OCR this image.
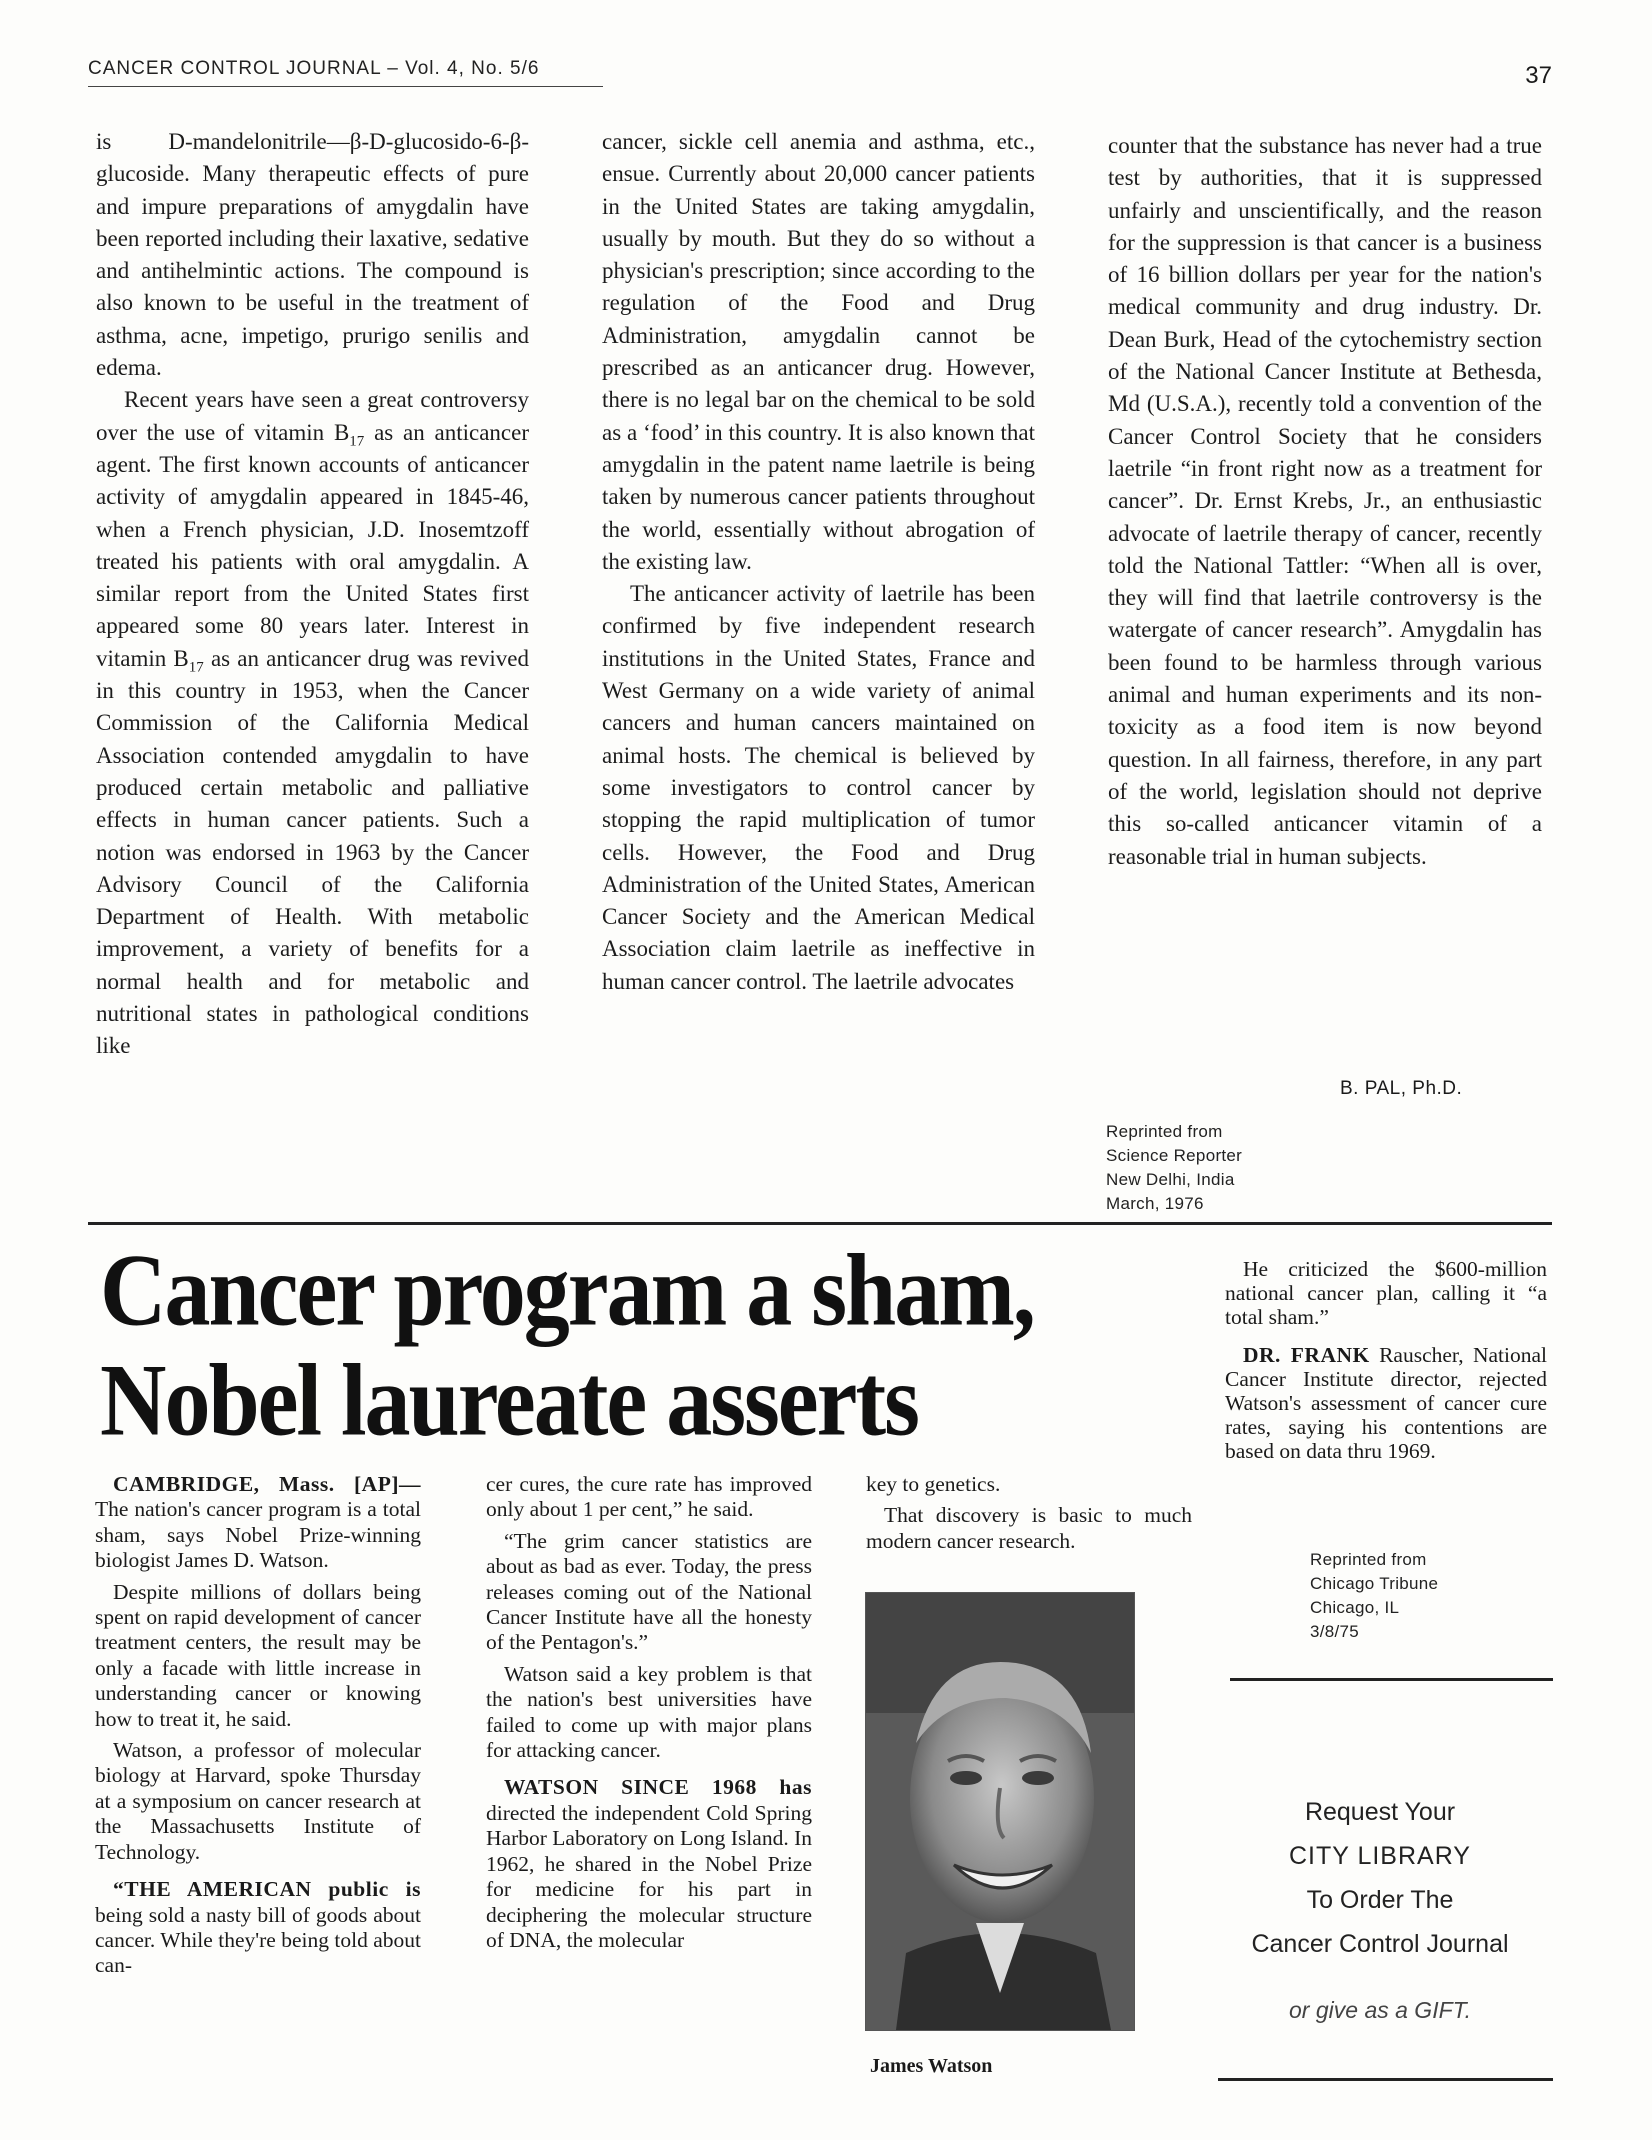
CANCER CONTROL JOURNAL – Vol. 4, No. 5/6	37

is D-mandelonitrile—β-D-glucosido-6-β-glucoside. Many therapeutic effects of pure and impure preparations of amygdalin have been reported including their laxative, sedative and antihelmintic actions. The compound is also known to be useful in the treatment of asthma, acne, impetigo, prurigo senilis and edema.

Recent years have seen a great controversy over the use of vitamin $B_{17}$ as an anticancer agent. The first known accounts of anticancer activity of amygdalin appeared in 1845-46, when a French physician, J.D. Inosemtzoff treated his patients with oral amygdalin. A similar report from the United States first appeared some 80 years later. Interest in vitamin $B_{17}$ as an anticancer drug was revived in this country in 1953, when the Cancer Commission of the California Medical Association contended amygdalin to have produced certain metabolic and palliative effects in human cancer patients. Such a notion was endorsed in 1963 by the Cancer Advisory Council of the California Department of Health. With metabolic improvement, a variety of benefits for a normal health and for metabolic and nutritional states in pathological conditions like

cancer, sickle cell anemia and asthma, etc., ensue. Currently about 20,000 cancer patients in the United States are taking amygdalin, usually by mouth. But they do so without a physician's prescription; since according to the regulation of the Food and Drug Administration, amygdalin cannot be prescribed as an anticancer drug. However, there is no legal bar on the chemical to be sold as a ‘food’ in this country. It is also known that amygdalin in the patent name laetrile is being taken by numerous cancer patients throughout the world, essentially without abrogation of the existing law.

The anticancer activity of laetrile has been confirmed by five independent research institutions in the United States, France and West Germany on a wide variety of animal cancers and human cancers maintained on animal hosts. The chemical is believed by some investigators to control cancer by stopping the rapid multiplication of tumor cells. However, the Food and Drug Administration of the United States, American Cancer Society and the American Medical Association claim laetrile as ineffective in human cancer control. The laetrile advocates

counter that the substance has never had a true test by authorities, that it is suppressed unfairly and unscientifically, and the reason for the suppression is that cancer is a business of 16 billion dollars per year for the nation's medical community and drug industry. Dr. Dean Burk, Head of the cytochemistry section of the National Cancer Institute at Bethesda, Md (U.S.A.), recently told a convention of the Cancer Control Society that he considers laetrile “in front right now as a treatment for cancer”. Dr. Ernst Krebs, Jr., an enthusiastic advocate of laetrile therapy of cancer, recently told the National Tattler: “When all is over, they will find that laetrile controversy is the watergate of cancer research”. Amygdalin has been found to be harmless through various animal and human experiments and its non-toxicity as a food item is now beyond question. In all fairness, therefore, in any part of the world, legislation should not deprive this so-called anticancer vitamin of a reasonable trial in human subjects.

B. PAL, Ph.D.
Reprinted from
Science Reporter
New Delhi, India
March, 1976
Cancer program a sham,
Nobel laureate asserts

CAMBRIDGE, Mass. [AP]— The nation's cancer program is a total sham, says Nobel Prize-winning biologist James D. Watson.

Despite millions of dollars being spent on rapid development of cancer treatment centers, the result may be only a facade with little increase in understanding cancer or knowing how to treat it, he said.

Watson, a professor of molecular biology at Harvard, spoke Thursday at a symposium on cancer research at the Massachusetts Institute of Technology.

“THE AMERICAN public is being sold a nasty bill of goods about cancer. While they're being told about can-

cer cures, the cure rate has improved only about 1 per cent,” he said.

“The grim cancer statistics are about as bad as ever. Today, the press releases coming out of the National Cancer Institute have all the honesty of the Pentagon's.”

Watson said a key problem is that the nation's best universities have failed to come up with major plans for attacking cancer.

WATSON SINCE 1968 has directed the independent Cold Spring Harbor Laboratory on Long Island. In 1962, he shared in the Nobel Prize for medicine for his part in deciphering the molecular structure of DNA, the molecular

key to genetics.

That discovery is basic to much modern cancer research.

James Watson

He criticized the $600-million national cancer plan, calling it “a total sham.”

DR. FRANK Rauscher, National Cancer Institute director, rejected Watson's assessment of cancer cure rates, saying his contentions are based on data thru 1969.

Reprinted from
Chicago Tribune
Chicago, IL
3/8/75
Request Your
CITY LIBRARY
To Order The
Cancer Control Journal
or give as a GIFT.
